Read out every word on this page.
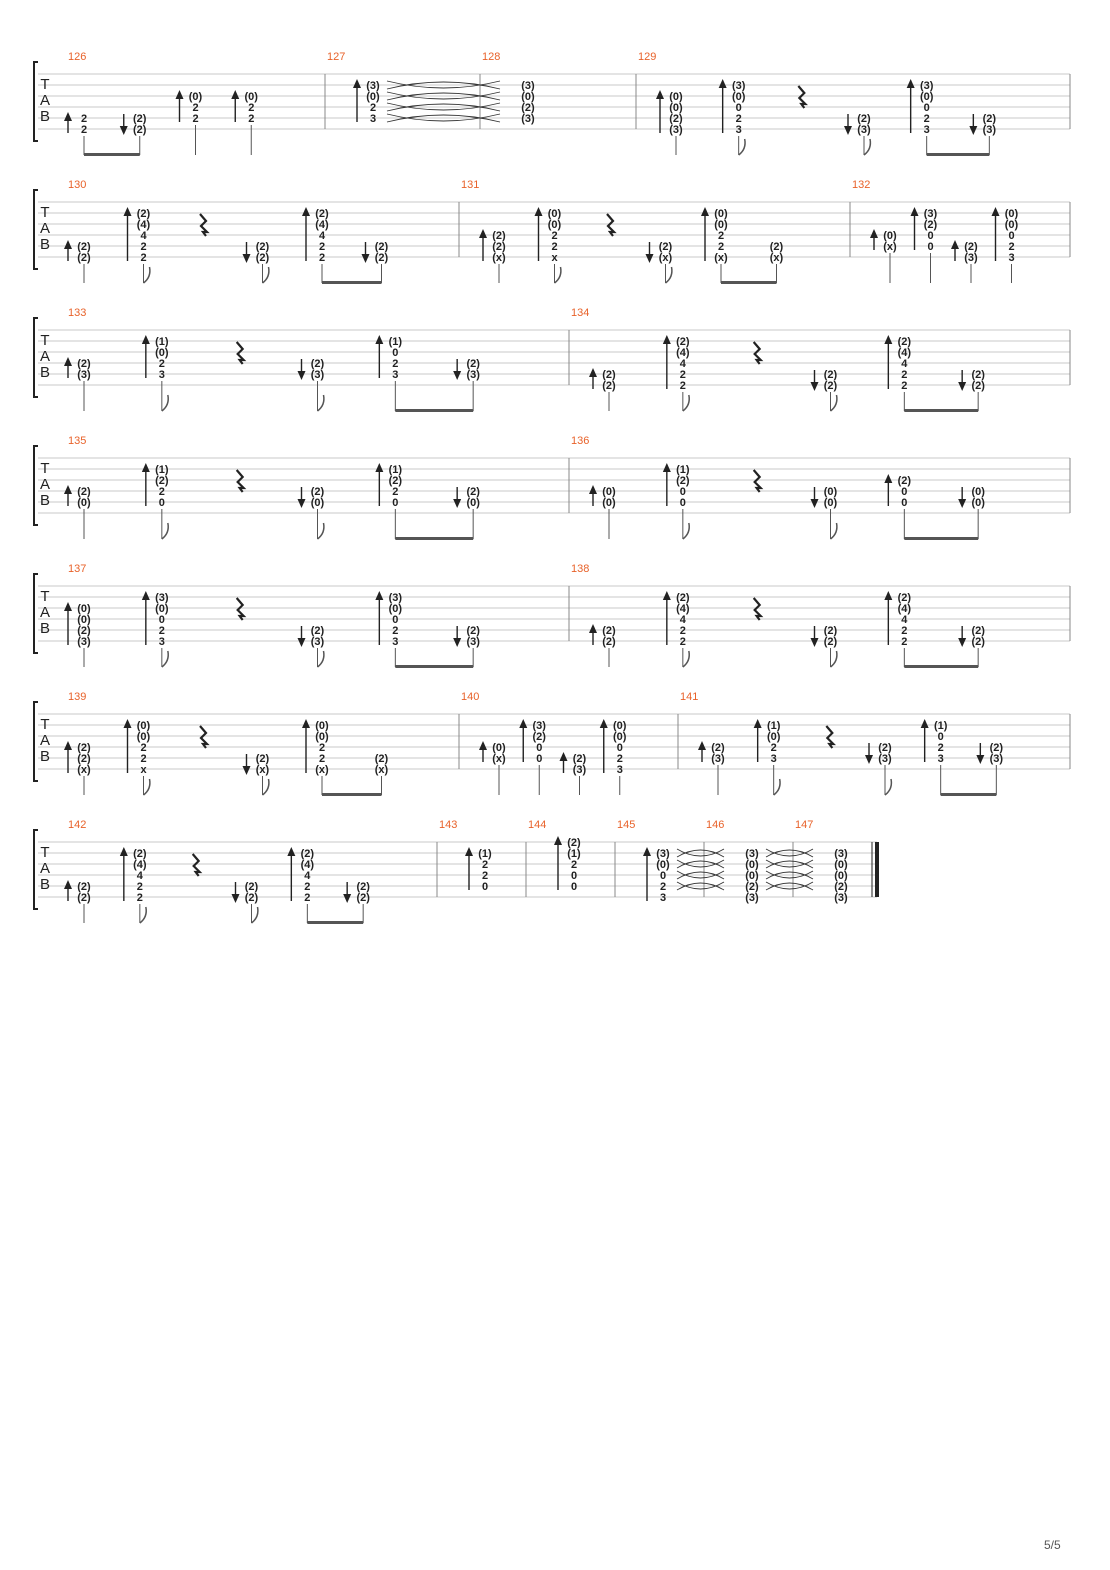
T
A
B
126
2
2
(2)
(2)
(0)
2
2
(0)
2
2
127
(3)
(0)
2
3
128
(3)
(0)
(2)
(3)
129
(0)
(0)
(2)
(3)
(3)
(0)
0
2
3
(2)
(3)
(3)
(0)
0
2
3
(2)
(3)
T
A
B
130
(2)
(2)
(2)
(4)
4
2
2
(2)
(2)
(2)
(4)
4
2
2
(2)
(2)
131
(2)
(2)
(x)
(0)
(0)
2
2
x
(2)
(x)
(0)
(0)
2
2
(x)
(2)
(x)
132
(0)
(x)
(3)
(2)
0
0	(2)
(3)
(0)
(0)
0
2
3
T
A
B
133
(2)
(3)
(1)
(0)
2
3
(2)
(3)
(1)
0
2
3
(2)
(3)
134
(2)
(2)
(2)
(4)
4
2
2
(2)
(2)
(2)
(4)
4
2
2
(2)
(2)
T
A
B
135
(2)
(0)
(1)
(2)
2
0
(2)
(0)
(1)
(2)
2
0
(2)
(0)
136
(0)
(0)
(1)
(2)
0
0
(0)
(0)
(2)
0
0
(0)
(0)
T
A
B
137
(0)
(0)
(2)
(3)
(3)
(0)
0
2
3
(2)
(3)
(3)
(0)
0
2
3
(2)
(3)
138
(2)
(2)
(2)
(4)
4
2
2
(2)
(2)
(2)
(4)
4
2
2
(2)
(2)
T
A
B
139
(2)
(2)
(x)
(0)
(0)
2
2
x
(2)
(x)
(0)
(0)
2
2
(x)
(2)
(x)
140
(0)
(x)
(3)
(2)
0
0	(2)
(3)
(0)
(0)
0
2
3
141
(2)
(3)
(1)
(0)
2
3
(2)
(3)
(1)
0
2
3
(2)
(3)
T
A
B
142
(2)
(2)
(2)
(4)
4
2
2
(2)
(2)
(2)
(4)
4
2
2
(2)
(2)
143
(1)
2
2
0
144
(2)
(1)
2
0
0
145
(3)
(0)
0
2
3
146
(3)
(0)
(0)
(2)
(3)
147
(3)
(0)
(0)
(2)
(3)
5/5
